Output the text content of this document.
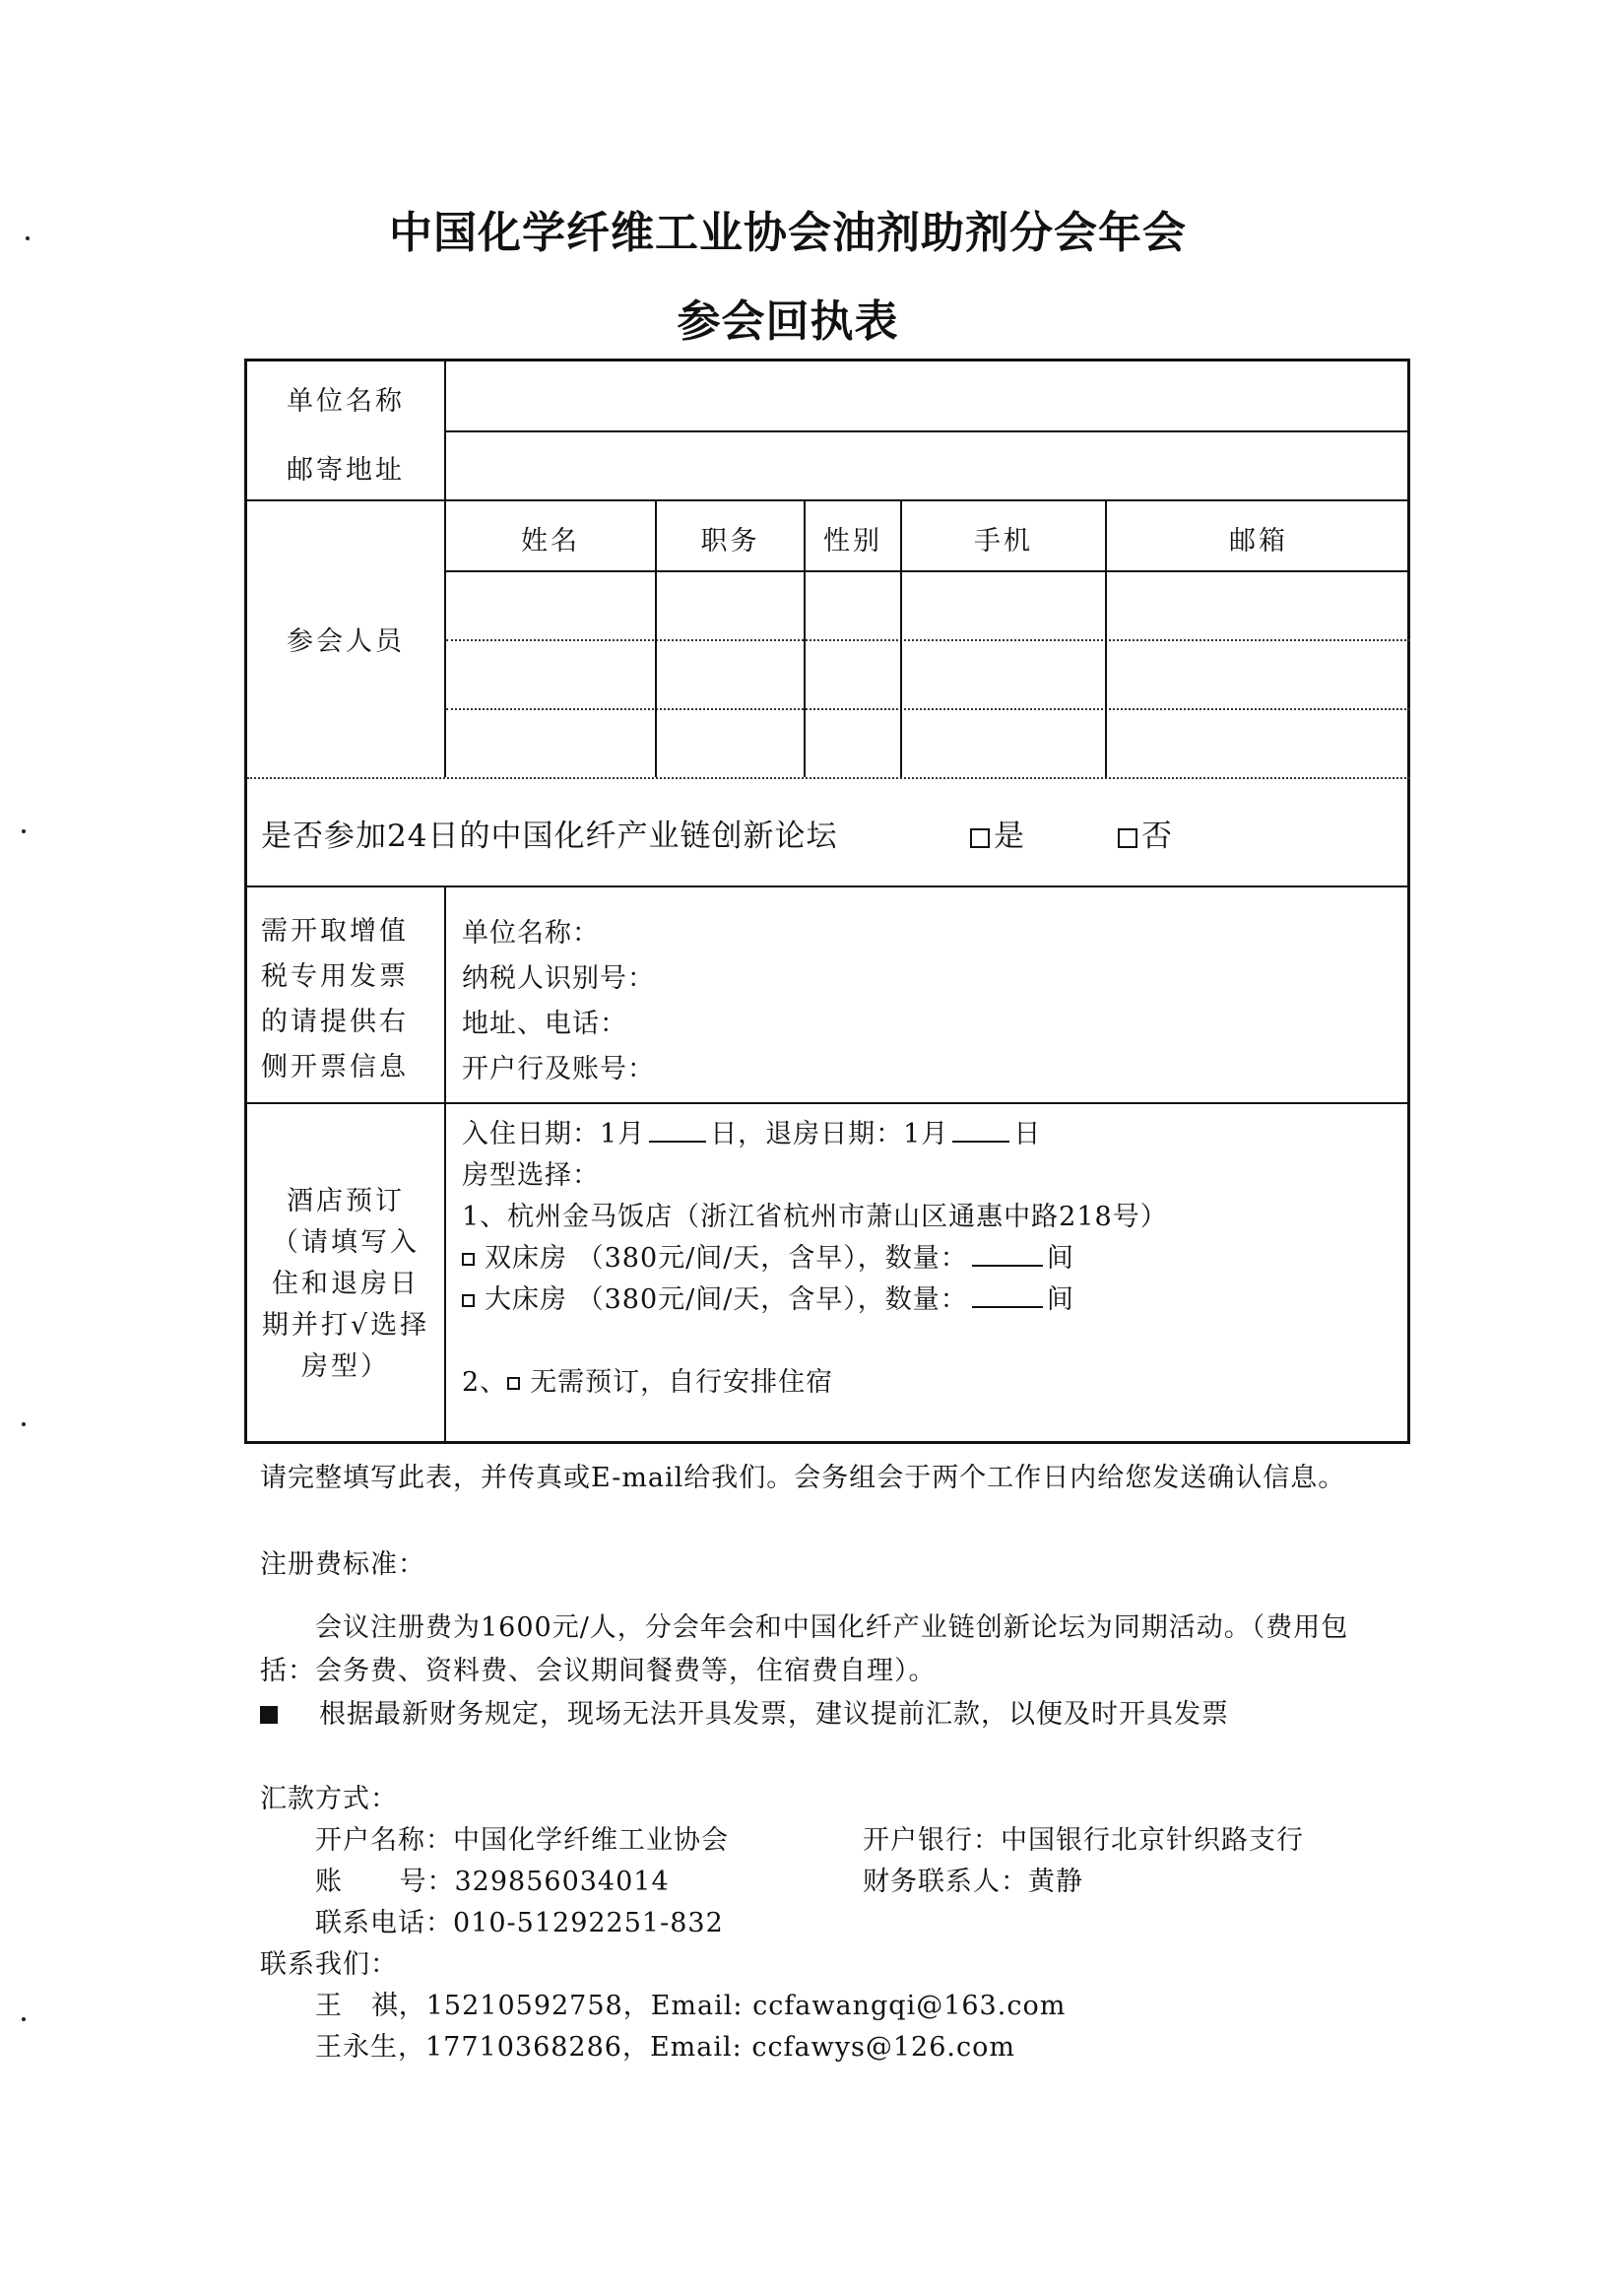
中国化学纤维工业协会油剂助剂分会年会
参会回执表
单位名称
邮寄地址
参会人员
姓名	职务	性别	手机	邮箱
是否参加24日的中国化纤产业链创新论坛	是	否
需开取增值
税专用发票
的请提供右
侧开票信息
单位名称：
纳税人识别号：
地址、电话：
开户行及账号：
酒店预订
（请填写入
住和退房日
期并打√选择
房型）
入住日期：1月 日，退房日期：1月 日
房型选择：
1、杭州金马饭店（浙江省杭州市萧山区通惠中路218号）
双床房 （380元/间/天，含早），数量：	间
大床房 （380元/间/天，含早），数量：	间
2、 无需预订，自行安排住宿
请完整填写此表，并传真或E-mail给我们。会务组会于两个工作日内给您发送确认信息。
注册费标准：
会议注册费为1600元/人，分会年会和中国化纤产业链创新论坛为同期活动。（费用包
括：会务费、资料费、会议期间餐费等，住宿费自理）。
根据最新财务规定，现场无法开具发票，建议提前汇款，以便及时开具发票
汇款方式：
开户名称：中国化学纤维工业协会	开户银行：中国银行北京针织路支行
账      号：329856034014	财务联系人：黄静
联系电话：010-51292251-832
联系我们：
王   祺，15210592758，Email: ccfawangqi@163.com
王永生，17710368286，Email: ccfawys@126.com
